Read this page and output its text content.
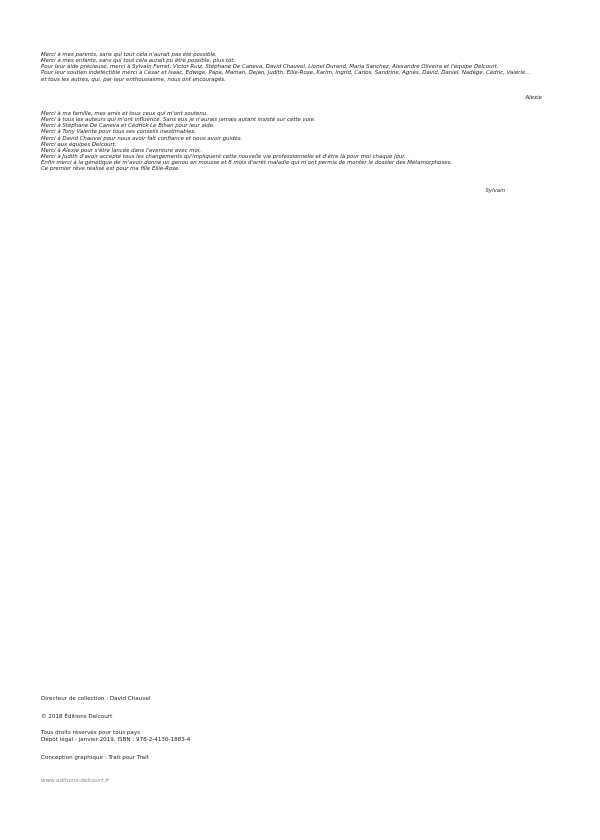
Merci à mes parents, sans qui tout cela n'aurait pas été possible.
Merci à mes enfants, sans qui tout cela aurait pu être possible, plus tôt.
Pour leur aide précieuse, merci à Sylvain Ferret, Victor Ruiz, Stéphane De Caneva, David Chauvel, Lionel Durand, Maria Sanchez, Alexandre Oliveira et l'équipe Delcourt.
Pour leur soutien indéfectible merci à César et Isaac, Edwige, Papa, Maman, Dejan, Judith, Ellie-Rose, Karim, Ingrid, Carlos, Sandrine, Agnès, David, Daniel, Nadège, Cédric, Valérie...
et tous les autres, qui, par leur enthousiasme, nous ont encouragés.
Alexie
Merci à ma famille, mes amis et tous ceux qui m'ont soutenu.
Merci à tous les auteurs qui m'ont influencé. Sans eux je n'aurais jamais autant insisté sur cette voie.
Merci à Stéphane De Caneva et Cédrick Le Bihan pour leur aide.
Merci à Tony Valente pour tous ses conseils inestimables.
Merci à David Chauvel pour nous avoir fait confiance et nous avoir guidés.
Merci aux équipes Delcourt.
Merci à Alexie pour s'être lancée dans l'aventure avec moi.
Merci à Judith d'avoir accepté tous les changements qu'impliquent cette nouvelle vie professionnelle et d'être là pour moi chaque jour.
Enfin merci à la génétique de m'avoir donné un genou en mousse et 8 mois d'arrêt maladie qui m'ont permis de monter le dossier des Métamorphoses.
Ce premier rêve réalisé est pour ma fille Ellie-Rose.
Sylvain
Directeur de collection : David Chauvel
© 2018 Éditions Delcourt
Tous droits réservés pour tous pays
Dépôt légal : janvier 2019. ISBN : 978-2-4130-1883-4
Conception graphique : Trait pour Trait
www.editions-delcourt.fr
